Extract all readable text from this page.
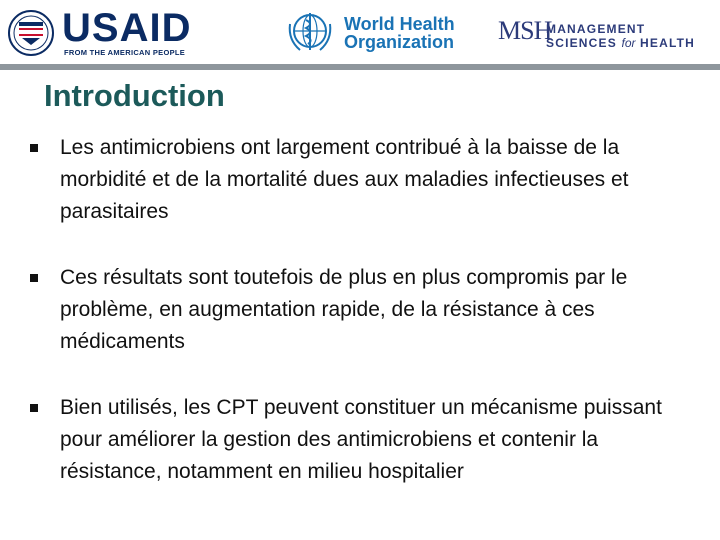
USAID
FROM THE AMERICAN PEOPLE
World Health
Organization MSH
MANAGEMENT
SCIENCES for HEALTH
Introduction
Les antimicrobiens ont largement contribué à la baisse de la morbidité et de la mortalité dues aux maladies infectieuses et parasitaires
Ces résultats sont toutefois de plus en plus compromis par le problème, en augmentation rapide, de la résistance à ces médicaments
Bien utilisés, les CPT peuvent constituer un mécanisme puissant pour améliorer la gestion des antimicrobiens et contenir la résistance, notamment en milieu hospitalier
